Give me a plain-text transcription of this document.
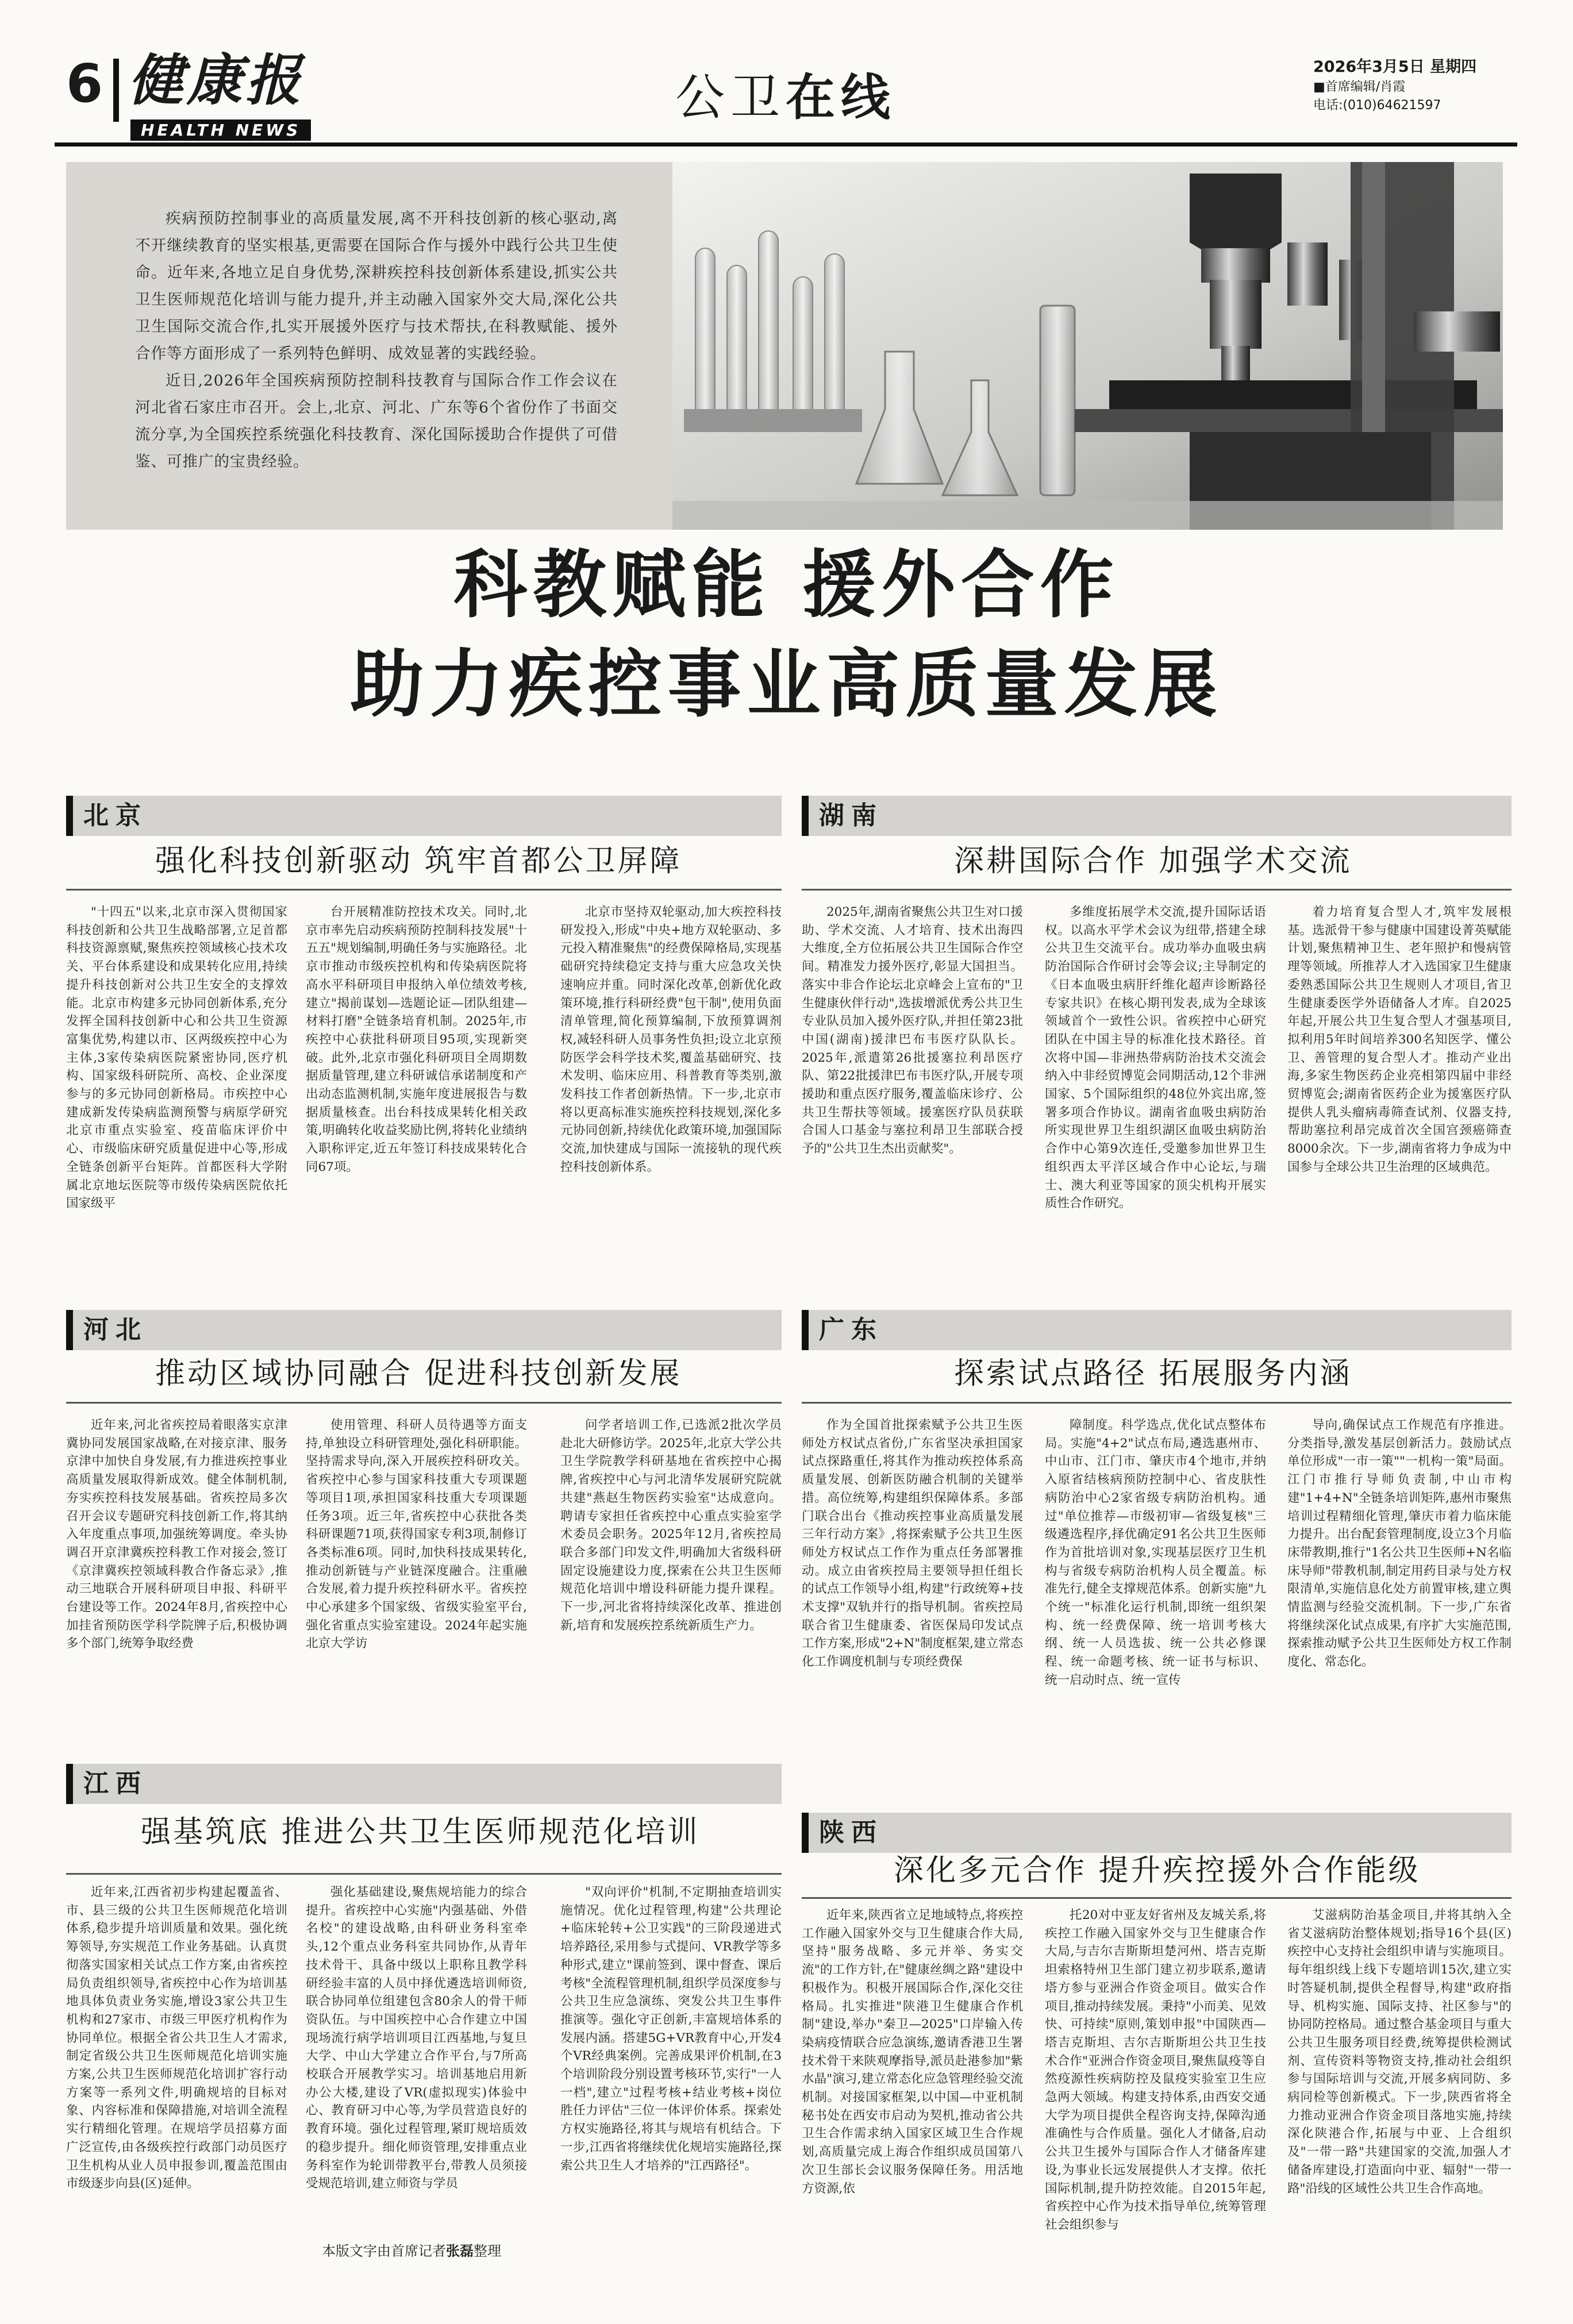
6 健康报
HEALTH NEWS
公卫在线
2026年3月5日 星期四
■首席编辑/肖霞
电话:(010)64621597

疾病预防控制事业的高质量发展,离不开科技创新的核心驱动,离不开继续教育的坚实根基,更需要在国际合作与援外中践行公共卫生使命。近年来,各地立足自身优势,深耕疾控科技创新体系建设,抓实公共卫生医师规范化培训与能力提升,并主动融入国家外交大局,深化公共卫生国际交流合作,扎实开展援外医疗与技术帮扶,在科教赋能、援外合作等方面形成了一系列特色鲜明、成效显著的实践经验。

近日,2026年全国疾病预防控制科技教育与国际合作工作会议在河北省石家庄市召开。会上,北京、河北、广东等6个省份作了书面交流分享,为全国疾控系统强化科技教育、深化国际援助合作提供了可借鉴、可推广的宝贵经验。

科教赋能 援外合作
助力疾控事业高质量发展
北京
强化科技创新驱动 筑牢首都公卫屏障

"十四五"以来,北京市深入贯彻国家科技创新和公共卫生战略部署,立足首都科技资源禀赋,聚焦疾控领域核心技术攻关、平台体系建设和成果转化应用,持续提升科技创新对公共卫生安全的支撑效能。北京市构建多元协同创新体系,充分发挥全国科技创新中心和公共卫生资源富集优势,构建以市、区两级疾控中心为主体,3家传染病医院紧密协同,医疗机构、国家级科研院所、高校、企业深度参与的多元协同创新格局。市疾控中心建成新发传染病监测预警与病原学研究北京市重点实验室、疫苗临床评价中心、市级临床研究质量促进中心等,形成全链条创新平台矩阵。首都医科大学附属北京地坛医院等市级传染病医院依托国家级平

台开展精准防控技术攻关。同时,北京市率先启动疾病预防控制科技发展"十五五"规划编制,明确任务与实施路径。北京市推动市级疾控机构和传染病医院将高水平科研项目申报纳入单位绩效考核,建立"揭前谋划—选题论证—团队组建—材料打磨"全链条培育机制。2025年,市疾控中心获批科研项目95项,实现新突破。此外,北京市强化科研项目全周期数据质量管理,建立科研诚信承诺制度和产出动态监测机制,实施年度进展报告与数据质量核查。出台科技成果转化相关政策,明确转化收益奖励比例,将转化业绩纳入职称评定,近五年签订科技成果转化合同67项。

北京市坚持双轮驱动,加大疾控科技研发投入,形成"中央+地方双轮驱动、多元投入精准聚焦"的经费保障格局,实现基础研究持续稳定支持与重大应急攻关快速响应并重。同时深化改革,创新优化政策环境,推行科研经费"包干制",使用负面清单管理,简化预算编制,下放预算调剂权,减轻科研人员事务性负担;设立北京预防医学会科学技术奖,覆盖基础研究、技术发明、临床应用、科普教育等类别,激发科技工作者创新热情。下一步,北京市将以更高标准实施疾控科技规划,深化多元协同创新,持续优化政策环境,加强国际交流,加快建成与国际一流接轨的现代疾控科技创新体系。

湖南
深耕国际合作 加强学术交流

2025年,湖南省聚焦公共卫生对口援助、学术交流、人才培育、技术出海四大维度,全方位拓展公共卫生国际合作空间。精准发力援外医疗,彰显大国担当。落实中非合作论坛北京峰会上宣布的"卫生健康伙伴行动",选拔增派优秀公共卫生专业队员加入援外医疗队,并担任第23批中国(湖南)援津巴布韦医疗队队长。2025年,派遣第26批援塞拉利昂医疗队、第22批援津巴布韦医疗队,开展专项援助和重点医疗服务,覆盖临床诊疗、公共卫生帮扶等领域。援塞医疗队员获联合国人口基金与塞拉利昂卫生部联合授予的"公共卫生杰出贡献奖"。

多维度拓展学术交流,提升国际话语权。以高水平学术会议为纽带,搭建全球公共卫生交流平台。成功举办血吸虫病防治国际合作研讨会等会议;主导制定的《日本血吸虫病肝纤维化超声诊断路径专家共识》在核心期刊发表,成为全球该领域首个一致性公识。省疾控中心研究团队在中国主导的标准化技术路径。首次将中国—非洲热带病防治技术交流会纳入中非经贸博览会同期活动,12个非洲国家、5个国际组织的48位外宾出席,签署多项合作协议。湖南省血吸虫病防治所实现世界卫生组织湖区血吸虫病防治合作中心第9次连任,受邀参加世界卫生组织西太平洋区域合作中心论坛,与瑞士、澳大利亚等国家的顶尖机构开展实质性合作研究。

着力培育复合型人才,筑牢发展根基。选派骨干参与健康中国建设菁英赋能计划,聚焦精神卫生、老年照护和慢病管理等领域。所推荐人才入选国家卫生健康委熟悉国际公共卫生规则人才项目,省卫生健康委医学外语储备人才库。自2025年起,开展公共卫生复合型人才强基项目,拟利用5年时间培养300名知医学、懂公卫、善管理的复合型人才。推动产业出海,多家生物医药企业亮相第四届中非经贸博览会;湖南省医药企业为援塞医疗队提供人乳头瘤病毒筛查试剂、仪器支持,帮助塞拉利昂完成首次全国宫颈癌筛查8000余次。下一步,湖南省将力争成为中国参与全球公共卫生治理的区域典范。

河北
推动区域协同融合 促进科技创新发展

近年来,河北省疾控局着眼落实京津冀协同发展国家战略,在对接京津、服务京津中加快自身发展,有力推进疾控事业高质量发展取得新成效。健全体制机制,夯实疾控科技发展基础。省疾控局多次召开会议专题研究科技创新工作,将其纳入年度重点事项,加强统筹调度。牵头协调召开京津冀疾控科教工作对接会,签订《京津冀疾控领域科教合作备忘录》,推动三地联合开展科研项目申报、科研平台建设等工作。2024年8月,省疾控中心加挂省预防医学科学院牌子后,积极协调多个部门,统筹争取经费

使用管理、科研人员待遇等方面支持,单独设立科研管理处,强化科研职能。坚持需求导向,深入开展疾控科研攻关。省疾控中心参与国家科技重大专项课题等项目1项,承担国家科技重大专项课题任务3项。近三年,省疾控中心获批各类科研课题71项,获得国家专利3项,制修订各类标准6项。同时,加快科技成果转化,推动创新链与产业链深度融合。注重融合发展,着力提升疾控科研水平。省疾控中心承建多个国家级、省级实验室平台,强化省重点实验室建设。2024年起实施北京大学访

问学者培训工作,已选派2批次学员赴北大研修访学。2025年,北京大学公共卫生学院教学科研基地在省疾控中心揭牌,省疾控中心与河北清华发展研究院就共建"燕赵生物医药实验室"达成意向。聘请专家担任省疾控中心重点实验室学术委员会职务。2025年12月,省疾控局联合多部门印发文件,明确加大省级科研固定设施建设力度,探索在公共卫生医师规范化培训中增设科研能力提升课程。下一步,河北省将持续深化改革、推进创新,培育和发展疾控系统新质生产力。

广东
探索试点路径 拓展服务内涵

作为全国首批探索赋予公共卫生医师处方权试点省份,广东省坚决承担国家试点探路重任,将其作为推动疾控体系高质量发展、创新医防融合机制的关键举措。高位统筹,构建组织保障体系。多部门联合出台《推动疾控事业高质量发展三年行动方案》,将探索赋予公共卫生医师处方权试点工作作为重点任务部署推动。成立由省疾控局主要领导担任组长的试点工作领导小组,构建"行政统筹+技术支撑"双轨并行的指导机制。省疾控局联合省卫生健康委、省医保局印发试点工作方案,形成"2+N"制度框架,建立常态化工作调度机制与专项经费保

障制度。科学选点,优化试点整体布局。实施"4+2"试点布局,遴选惠州市、中山市、江门市、肇庆市4个地市,并纳入原省结核病预防控制中心、省皮肤性病防治中心2家省级专病防治机构。通过"单位推荐—市级初审—省级复核"三级遴选程序,择优确定91名公共卫生医师作为首批培训对象,实现基层医疗卫生机构与省级专病防治机构人员全覆盖。标准先行,健全支撑规范体系。创新实施"九个统一"标准化运行机制,即统一组织架构、统一经费保障、统一培训考核大纲、统一人员选拔、统一公共必修课程、统一命题考核、统一证书与标识、统一启动时点、统一宣传

导向,确保试点工作规范有序推进。分类指导,激发基层创新活力。鼓励试点单位形成"一市一策""一机构一策"局面。江门市推行导师负责制,中山市构建"1+4+N"全链条培训矩阵,惠州市聚焦培训过程精细化管理,肇庆市着力临床能力提升。出台配套管理制度,设立3个月临床带教期,推行"1名公共卫生医师+N名临床导师"带教机制,制定用药目录与处方权限清单,实施信息化处方前置审核,建立舆情监测与经验交流机制。下一步,广东省将继续深化试点成果,有序扩大实施范围,探索推动赋予公共卫生医师处方权工作制度化、常态化。

江西
强基筑底 推进公共卫生医师规范化培训

近年来,江西省初步构建起覆盖省、市、县三级的公共卫生医师规范化培训体系,稳步提升培训质量和效果。强化统筹领导,夯实规范工作业务基础。认真贯彻落实国家相关试点工作方案,由省疾控局负责组织领导,省疾控中心作为培训基地具体负责业务实施,增设3家公共卫生机构和27家市、市级三甲医疗机构作为协同单位。根据全省公共卫生人才需求,制定省级公共卫生医师规范化培训实施方案,公共卫生医师规范化培训扩容行动方案等一系列文件,明确规培的目标对象、内容标准和保障措施,对培训全流程实行精细化管理。在规培学员招募方面广泛宣传,由各级疾控行政部门动员医疗卫生机构从业人员申报参训,覆盖范围由市级逐步向县(区)延伸。

强化基础建设,聚焦规培能力的综合提升。省疾控中心实施"内强基础、外借名校"的建设战略,由科研业务科室牵头,12个重点业务科室共同协作,从青年技术骨干、具备中级以上职称且教学科研经验丰富的人员中择优遴选培训师资,联合协同单位组建包含80余人的骨干师资队伍。与中国疾控中心合作建立中国现场流行病学培训项目江西基地,与复旦大学、中山大学建立合作平台,与7所高校联合开展教学实习。培训基地启用新办公大楼,建设了VR(虚拟现实)体验中心、教育研习中心等,为学员营造良好的教育环境。强化过程管理,紧盯规培质效的稳步提升。细化师资管理,安排重点业务科室作为轮训带教平台,带教人员须接受规范培训,建立师资与学员

"双向评价"机制,不定期抽查培训实施情况。优化过程管理,构建"公共理论+临床轮转+公卫实践"的三阶段递进式培养路径,采用参与式提问、VR教学等多种形式,建立"课前签到、课中督查、课后考核"全流程管理机制,组织学员深度参与公共卫生应急演练、突发公共卫生事件推演等。强化守正创新,丰富规培体系的发展内涵。搭建5G+VR教育中心,开发4个VR经典案例。完善成果评价机制,在3个培训阶段分别设置考核环节,实行"一人一档",建立"过程考核+结业考核+岗位胜任力评估"三位一体评价体系。探索处方权实施路径,将其与规培有机结合。下一步,江西省将继续优化规培实施路径,探索公共卫生人才培养的"江西路径"。

陕西
深化多元合作 提升疾控援外合作能级

近年来,陕西省立足地域特点,将疾控工作融入国家外交与卫生健康合作大局,坚持"服务战略、多元并举、务实交流"的工作方针,在"健康丝绸之路"建设中积极作为。积极开展国际合作,深化交往格局。扎实推进"陕港卫生健康合作机制"建设,举办"秦卫—2025"口岸输入传染病疫情联合应急演练,邀请香港卫生署技术骨干来陕观摩指导,派员赴港参加"紫水晶"演习,建立常态化应急管理经验交流机制。对接国家框架,以中国—中亚机制秘书处在西安市启动为契机,推动省公共卫生合作需求纳入国家区域卫生合作规划,高质量完成上海合作组织成员国第八次卫生部长会议服务保障任务。用活地方资源,依

托20对中亚友好省州及友城关系,将疾控工作融入国家外交与卫生健康合作大局,与吉尔吉斯斯坦楚河州、塔吉克斯坦索格特州卫生部门建立初步联系,邀请塔方参与亚洲合作资金项目。做实合作项目,推动持续发展。秉持"小而美、见效快、可持续"原则,策划申报"中国陕西—塔吉克斯坦、吉尔吉斯斯坦公共卫生技术合作"亚洲合作资金项目,聚焦鼠疫等自然疫源性疾病防控及鼠疫实验室卫生应急两大领域。构建支持体系,由西安交通大学为项目提供全程咨询支持,保障沟通准确性与合作质量。强化人才储备,启动公共卫生援外与国际合作人才储备库建设,为事业长远发展提供人才支撑。依托国际机制,提升防控效能。自2015年起,省疾控中心作为技术指导单位,统筹管理社会组织参与

艾滋病防治基金项目,并将其纳入全省艾滋病防治整体规划;指导16个县(区)疾控中心支持社会组织申请与实施项目。每年组织线上线下专题培训15次,建立实时答疑机制,提供全程督导,构建"政府指导、机构实施、国际支持、社区参与"的协同防控格局。通过整合基金项目与重大公共卫生服务项目经费,统筹提供检测试剂、宣传资料等物资支持,推动社会组织参与国际培训与交流,开展多病同防、多病同检等创新模式。下一步,陕西省将全力推动亚洲合作资金项目落地实施,持续深化陕港合作,拓展与中亚、上合组织及"一带一路"共建国家的交流,加强人才储备库建设,打造面向中亚、辐射"一带一路"沿线的区域性公共卫生合作高地。

本版文字由首席记者张磊整理
